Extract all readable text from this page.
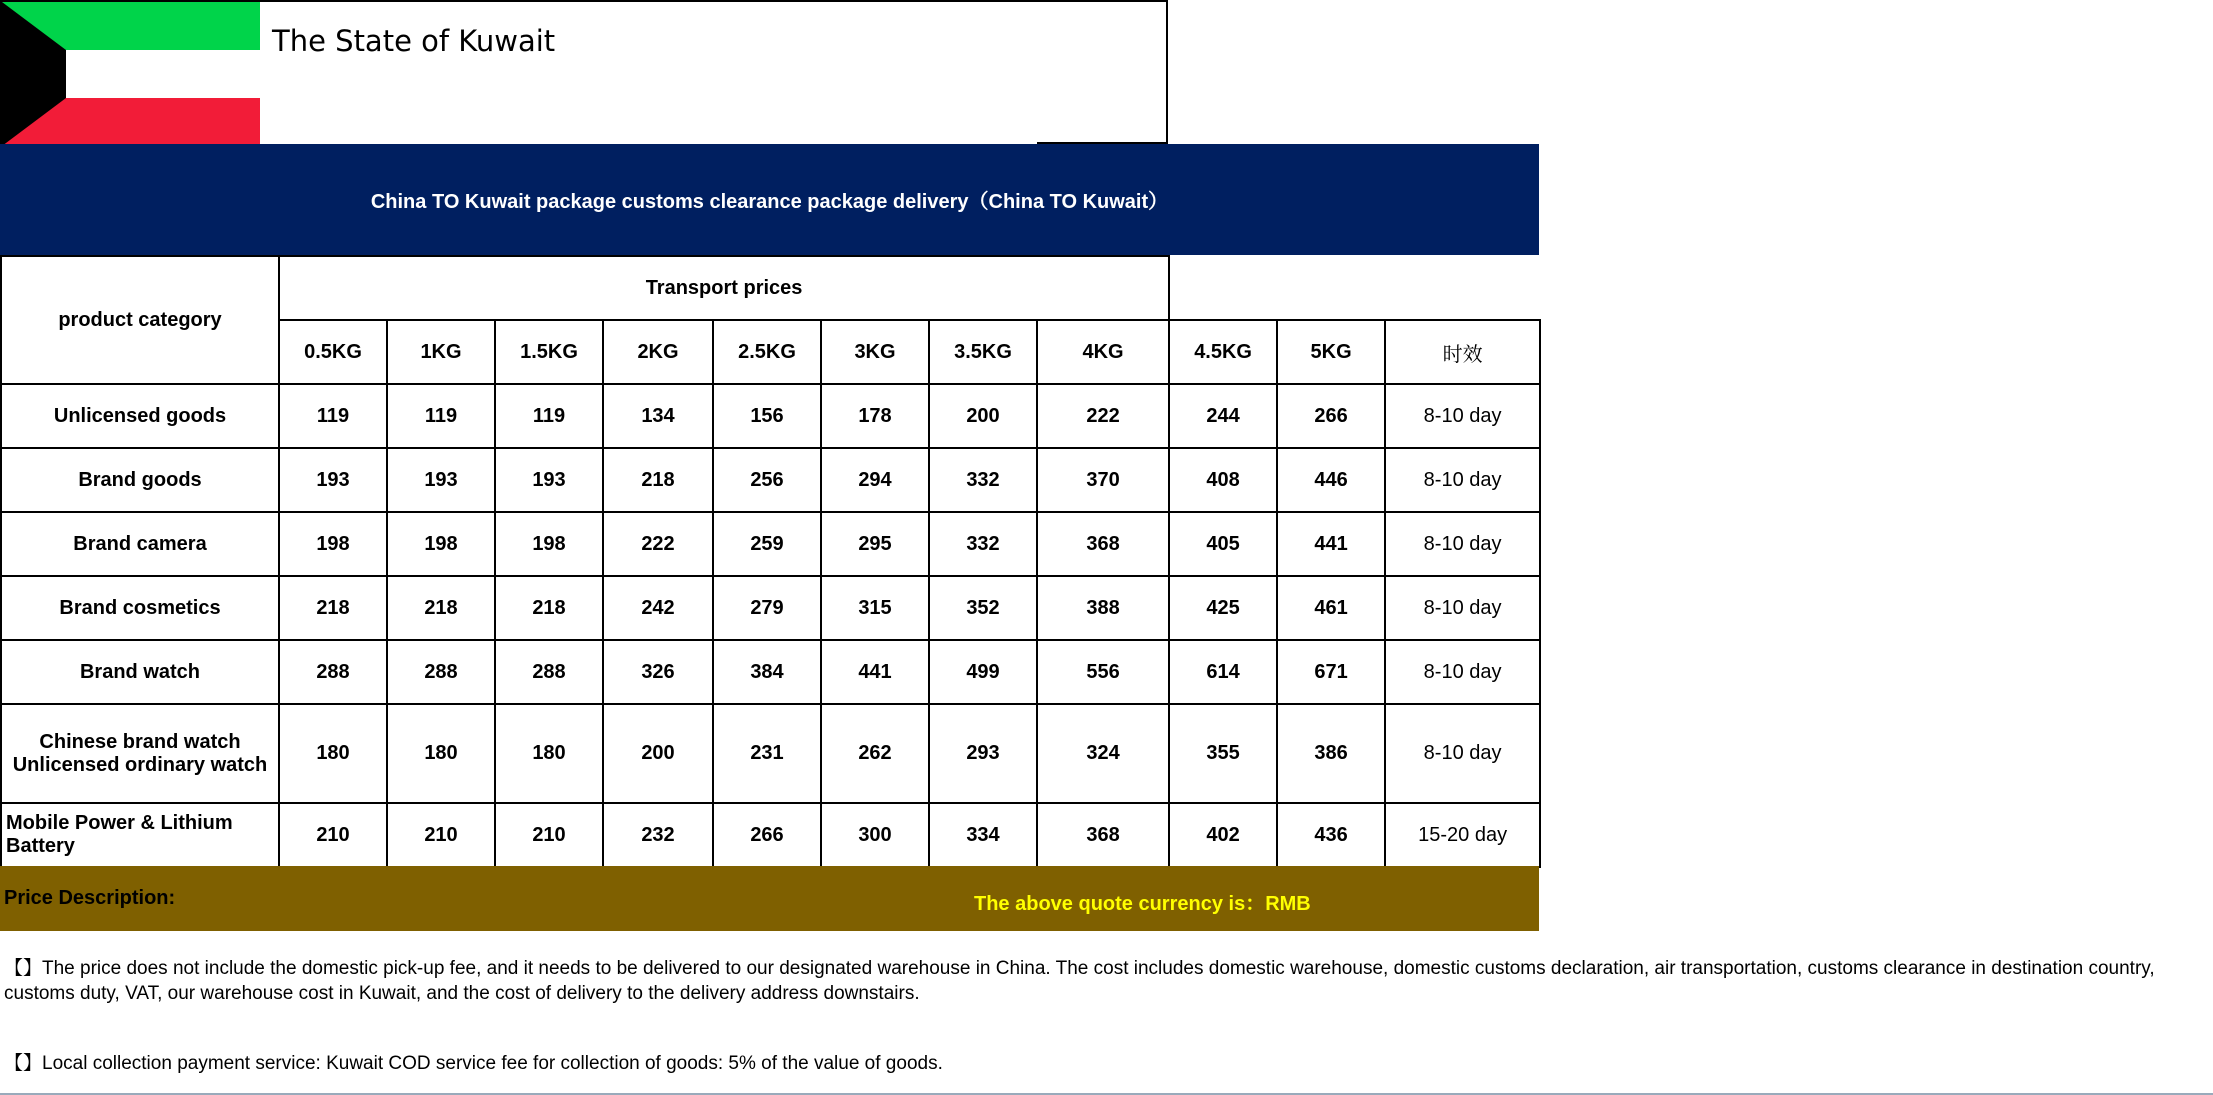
The State of Kuwait
China TO Kuwait package customs clearance package delivery（China TO Kuwait）
product category	Transport prices										
	0.5KG	1KG	1.5KG	2KG	2.5KG	3KG	3.5KG	4KG	4.5KG	5KG	时效
Unlicensed goods	119	119	119	134	156	178	200	222	244	266	8-10 day
Brand goods	193	193	193	218	256	294	332	370	408	446	8-10 day
Brand camera	198	198	198	222	259	295	332	368	405	441	8-10 day
Brand cosmetics	218	218	218	242	279	315	352	388	425	461	8-10 day
Brand watch	288	288	288	326	384	441	499	556	614	671	8-10 day
Chinese brand watch
Unlicensed ordinary watch	180	180	180	200	231	262	293	324	355	386	8-10 day
Mobile Power & Lithium
Battery	210	210	210	232	266	300	334	368	402	436	15-20 day
Price Description:	The above quote currency is：RMB
【】The price does not include the domestic pick-up fee, and it needs to be delivered to our designated warehouse in China. The cost includes domestic warehouse, domestic customs declaration, air transportation, customs clearance in destination country, customs duty, VAT, our warehouse cost in Kuwait, and the cost of delivery to the delivery address downstairs.
【】Local collection payment service: Kuwait COD service fee for collection of goods: 5% of the value of goods.
